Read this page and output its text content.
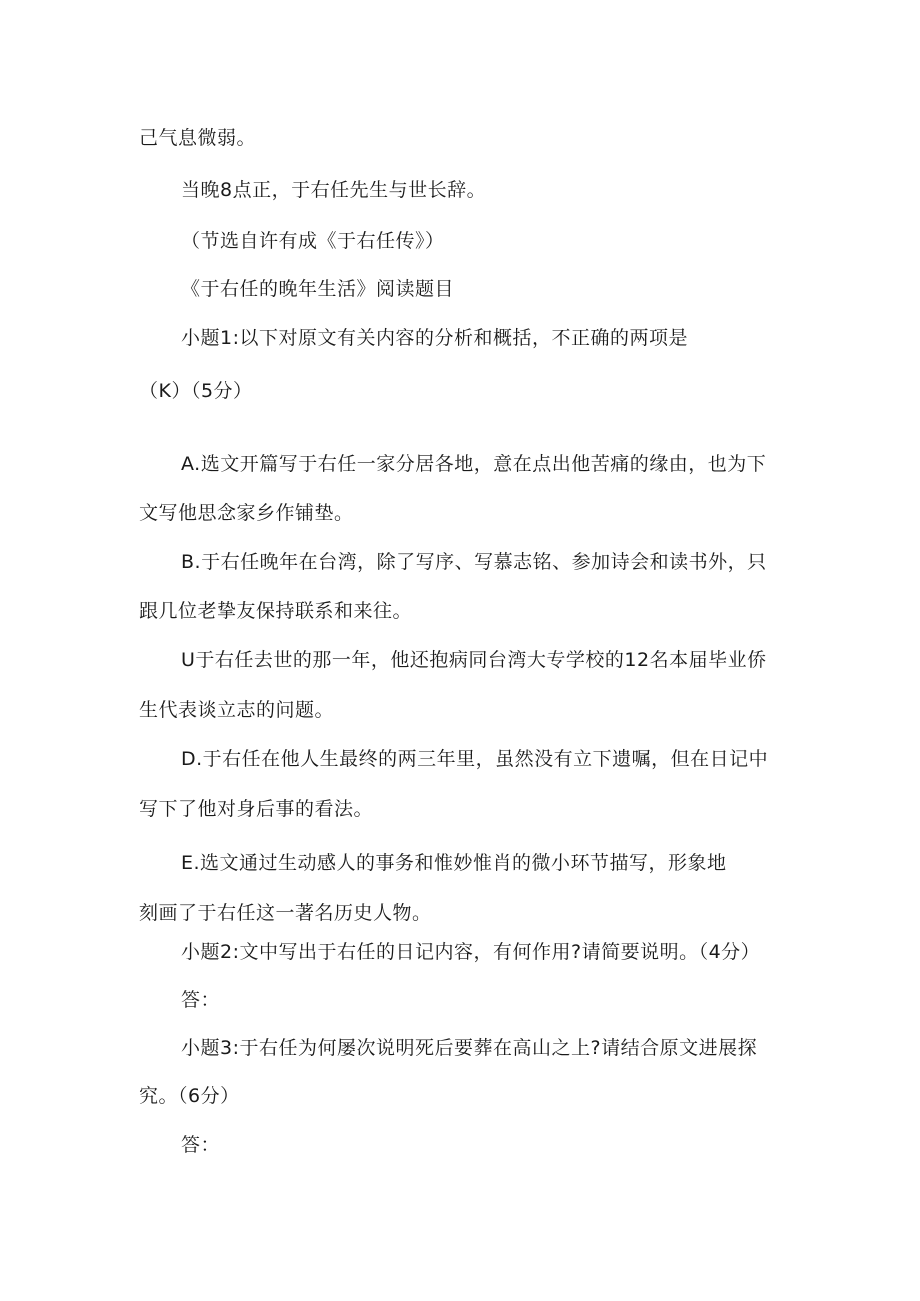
己气息微弱。
当晚8点正，于右任先生与世长辞。
（节选自许有成《于右任传》）
《于右任的晚年生活》阅读题目
小题1:以下对原文有关内容的分析和概括，不正确的两项是
（K）（5分）
A.选文开篇写于右任一家分居各地，意在点出他苦痛的缘由，也为下
文写他思念家乡作铺垫。
B.于右任晚年在台湾，除了写序、写慕志铭、参加诗会和读书外，只
跟几位老挚友保持联系和来往。
U于右任去世的那一年，他还抱病同台湾大专学校的12名本届毕业侨
生代表谈立志的问题。
D.于右任在他人生最终的两三年里，虽然没有立下遗嘱，但在日记中
写下了他对身后事的看法。
E.选文通过生动感人的事务和惟妙惟肖的微小环节描写，形象地
刻画了于右任这一著名历史人物。
小题2:文中写出于右任的日记内容，有何作用?请简要说明。（4分）
答：
小题3:于右任为何屡次说明死后要葬在高山之上?请结合原文进展探
究。（6分）
答：
